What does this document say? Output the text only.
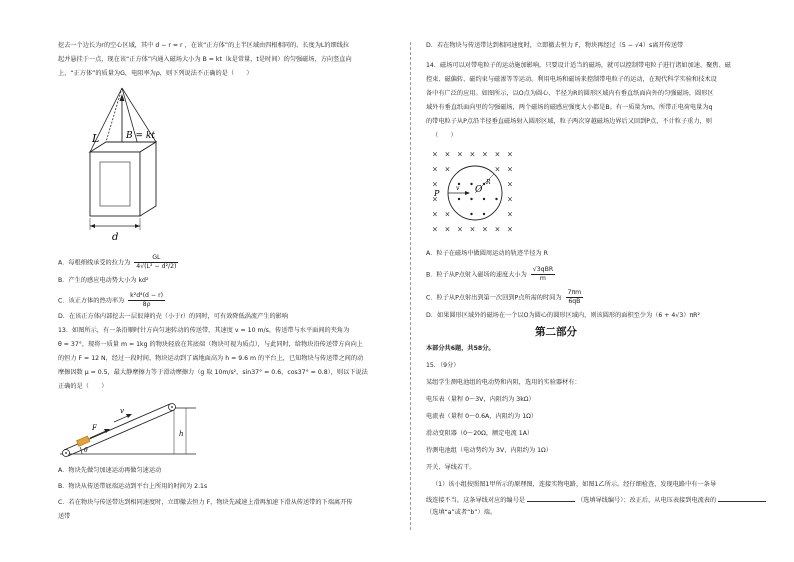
挖去一个边长为r的空心区域，其中 d − r = r ，在该“正方体”的上半区域由四根相同的、长度为L的细线拉
起并悬挂于一点，现在该“正方体”内通入磁场大小为 B = kt（k是常量，t是时间）的匀强磁场，方向竖直向
上，“正方体”的质量为G，电阻率为ρ，则下列说法不正确的是（　　）
L	B = kt
d
A．每根细线承受的拉力为 $\frac{GL}{\text{4√(L² − d²/2)}}$
B．产生的感应电动势大小为 kd²
C．该正方体的热功率为 $\frac{\text{k²d⁴(d − r)}}{8\rho}$
D．在该正方体内部挖去一层很薄的壳（小于r）的同时，可有效降低涡流产生的影响
13．如图所示，有一条沿顺时针方向匀速转动的传送带，其速度 v = 10 m/s，传送带与水平面间的夹角为
θ = 37°，现将一质量 m = 1kg 的物块轻放在其底端（物块可视为质点），与此同时，给物块沿传送带方向向上
的恒力 F = 12 N，经过一段时间，物块运动到了离地面高为 h = 9.6 m 的平台上，已知物块与传送带之间的动
摩擦因数 μ = 0.5，最大静摩擦力等于滑动摩擦力（g 取 10m/s²，sin37° = 0.6，cos37° = 0.8），则以下说法
正确的是（　　）
v
F
h
θ
A．物块先做匀加速运动再做匀速运动
B．物块从传送带底端运动到平台上所用的时间为 2.1s
C．若在物块与传送带达到相同速度时，立即撤去恒力 F，物块先减速上滑再加速下滑从传送带的下端离开传
送带
D．若在物块与传送带达到相同速度时，立即撤去恒力 F，物块再经过（5 − √4）s离开传送带
14．磁场可以对带电粒子的运动施加影响，只要设计适当的磁场，就可以控制带电粒子进行诸如加速、聚焦、磁
控束、磁偏转、磁约束与磁渗等等运动。利用电场和磁场来控制带电粒子的运动，在现代科学实验和技术设
备中有广泛的应用。如图所示，以O点为圆心、半径为R的圆形区域内有垂直纸面向外的匀强磁场，圆形区
域外有垂直纸面向里的匀强磁场，两个磁场的磁感应强度大小都是B。有一质量为m，所带正电荷电量为q
的带电粒子从P点沿半径垂直磁场射入圆形区域，粒子两次穿越磁场边界后又回到P点，不计粒子重力，则
（　　）
× × × × × × ×
× ×	× ×
×	×
×	×
× ×	×
× × × × × × ×
P	O
v
R
A．粒子在磁场中做圆周运动的轨迹半径为 R
B．粒子从P点射入磁场的速度大小为
√3qBR
m
C．粒子从P点射出到第一次回到P点所需的时间为 $\frac{7\pi m}{6qB}$
D．如果圆形区域外的磁场在一个以O为圆心的圆形区域内，则该圆形的面积至少为（6 + 4√3）πR²
第二部分
本部分共6题，共58分。
15．（9分）
某组学生测电池组的电动势和内阻，选用的实验器材有：
电压表（量程 0～3V，内阻约为 3kΩ）
电流表（量程 0～0.6A，内阻约为 1Ω）
滑动变阻器（0～20Ω，额定电流 1A）
待测电池组（电动势约为 3V，内阻约为 1Ω）
开关、导线若干。
（1）该小组按照图1甲所示的原理图，连接实物电路，如图1乙所示。经仔细检查，发现电路中有一条导
线连接不当，这条导线对应的编号是	（选填导线编号）；改正后，从电压表接到电流表的
（选填“a”或者“b”）端。
